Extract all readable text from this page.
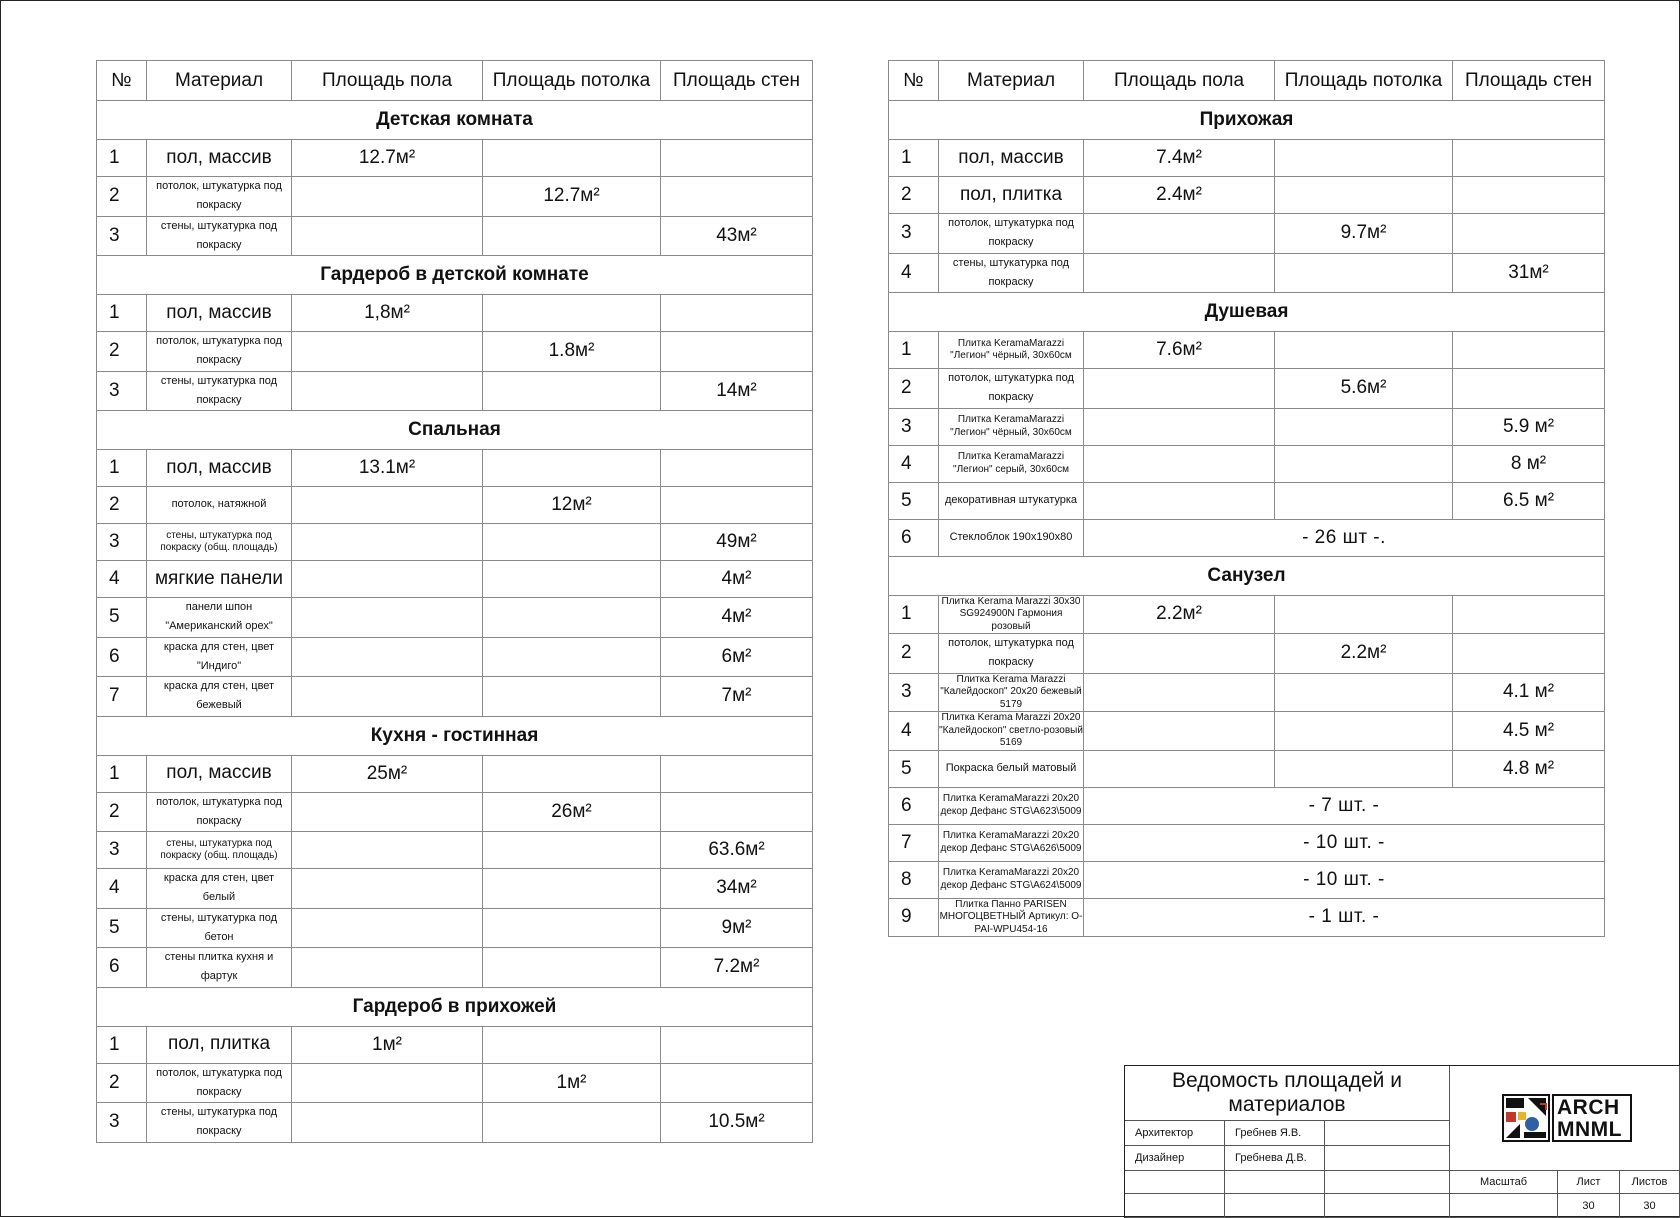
№	Материал	Площадь пола	Площадь потолка	Площадь стен
Детская комната				
1	пол, массив	12.7м²		
2	потолок, штукатурка под покраску		12.7м²	
3	стены, штукатурка под покраску			43м²
Гардероб в детской комнате				
1	пол, массив	1,8м²		
2	потолок, штукатурка под покраску		1.8м²	
3	стены, штукатурка под покраску			14м²
Спальная				
1	пол, массив	13.1м²		
2	потолок, натяжной		12м²	
3	стены, штукатурка под покраску (общ. площадь)			49м²
4	мягкие панели			4м²
5	панели шпон "Американский орех"			4м²
6	краска для стен, цвет "Индиго"			6м²
7	краска для стен, цвет бежевый			7м²
Кухня - гостинная				
1	пол, массив	25м²		
2	потолок, штукатурка под покраску		26м²	
3	стены, штукатурка под покраску (общ. площадь)			63.6м²
4	краска для стен, цвет белый			34м²
5	стены, штукатурка под бетон			9м²
6	стены плитка кухня и фартук			7.2м²
Гардероб в прихожей				
1	пол, плитка	1м²		
2	потолок, штукатурка под покраску		1м²	
3	стены, штукатурка под покраску			10.5м²
№	Материал	Площадь пола	Площадь потолка	Площадь стен
Прихожая				
1	пол, массив	7.4м²		
2	пол, плитка	2.4м²		
3	потолок, штукатурка под покраску		9.7м²	
4	стены, штукатурка под покраску			31м²
Душевая				
1	Плитка KeramaMarazzi "Легион" чёрный, 30х60см	7.6м²		
2	потолок, штукатурка под покраску		5.6м²	
3	Плитка KeramaMarazzi "Легион" чёрный, 30х60см			5.9 м²
4	Плитка KeramaMarazzi "Легион" серый, 30х60см			8 м²
5	декоративная штукатурка			6.5 м²
6	Стеклоблок 190x190x80	- 26 шт -.		
Санузел				
1	Плитка Kerama Marazzi 30х30 SG924900N Гармония розовый	2.2м²		
2	потолок, штукатурка под покраску		2.2м²	
3	Плитка Kerama Marazzi "Калейдоскоп" 20х20 бежевый 5179			4.1 м²
4	Плитка Kerama Marazzi 20х20 "Калейдоскоп" светло-розовый 5169			4.5 м²
5	Покраска белый матовый			4.8 м²
6	Плитка KeramaMarazzi 20х20 декор Дефанс STG\A623\5009	- 7 шт. -		
7	Плитка KeramaMarazzi 20х20 декор Дефанс STG\A626\5009	- 10 шт. -		
8	Плитка KeramaMarazzi 20х20 декор Дефанс STG\A624\5009	- 10 шт. -		
9	Плитка Панно PARISEN МНОГОЦВЕТНЫЙ Артикул: O-PAI-WPU454-16	- 1 шт. -		
Ведомость площадей и материалов	ARCH
MNML
Архитектор	Гребнев Я.В.
Дизайнер	Гребнева Д.В.
Масштаб	Лист	Листов
30	30
